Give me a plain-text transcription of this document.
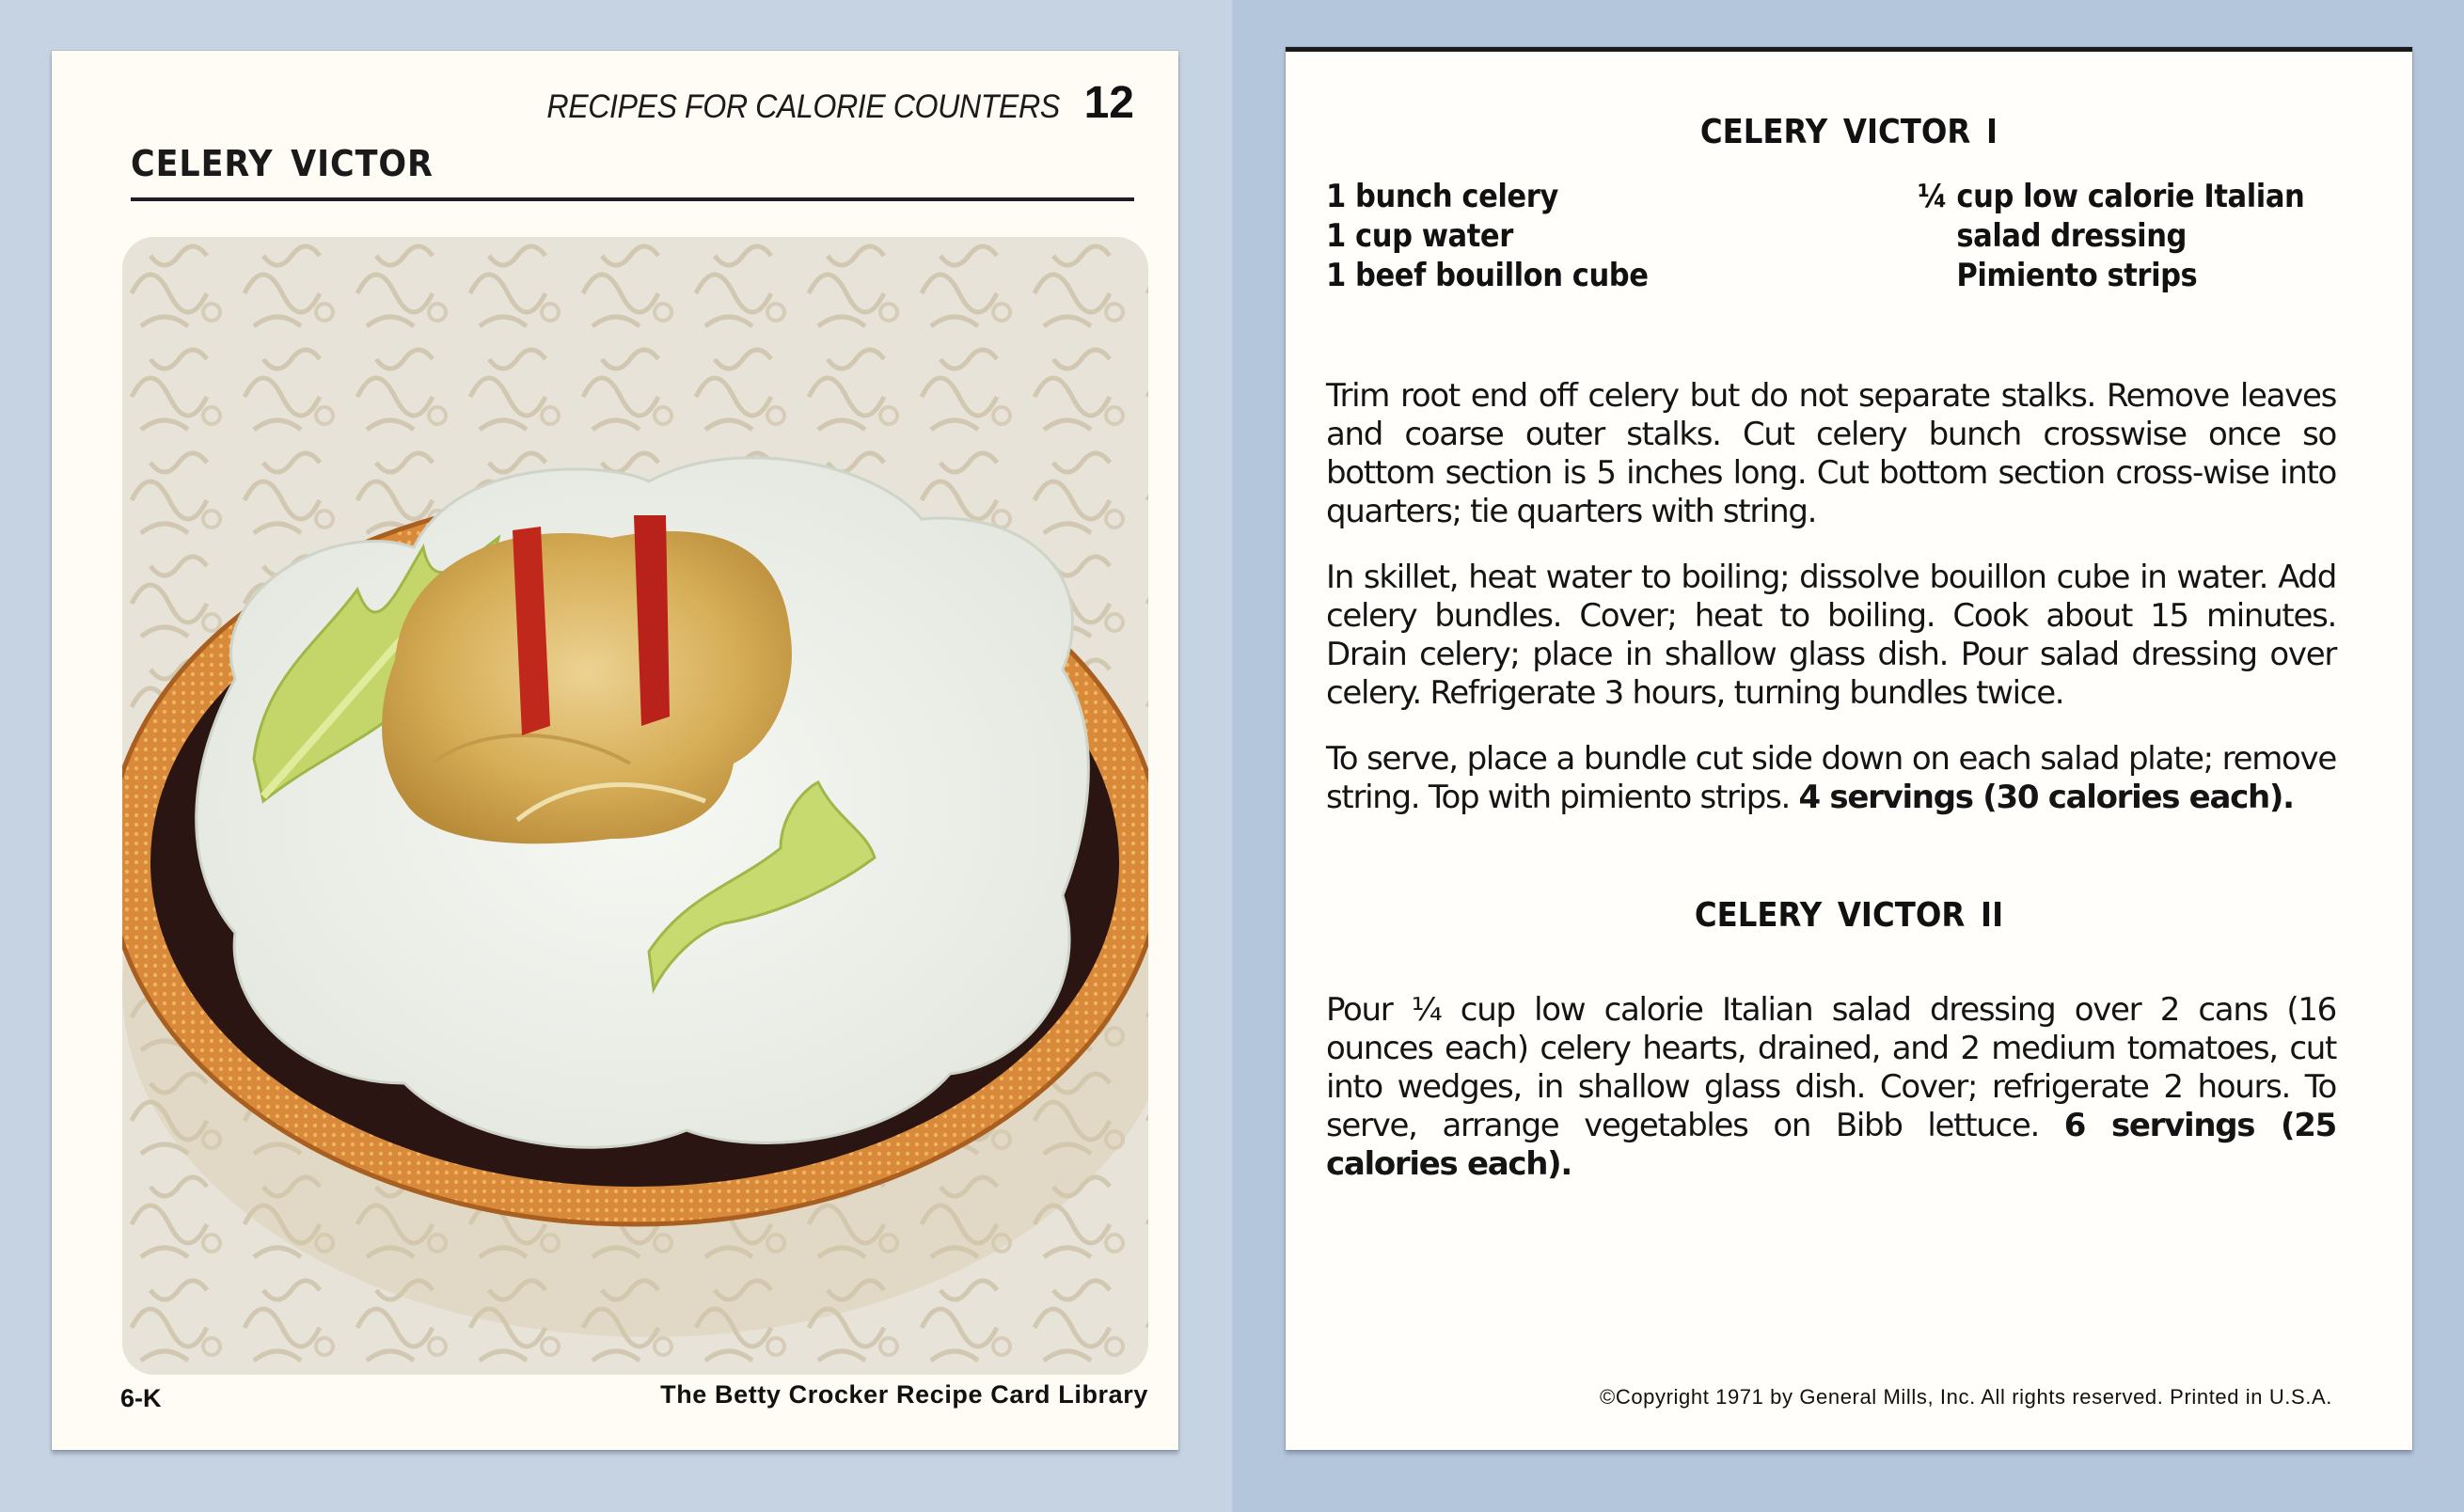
RECIPES FOR CALORIE COUNTERS 12
CELERY VICTOR
6-K	The Betty Crocker Recipe Card Library
CELERY VICTOR I
1 bunch celery
1 cup water
1 beef bouillon cube
¼ cup low calorie Italian
salad dressing
Pimiento strips

Trim root end off celery but do not separate stalks. Remove leaves and coarse outer stalks. Cut celery bunch crosswise once so bottom section is 5 inches long. Cut bottom section cross-wise into quarters; tie quarters with string.

In skillet, heat water to boiling; dissolve bouillon cube in water. Add celery bundles. Cover; heat to boiling. Cook about 15 minutes. Drain celery; place in shallow glass dish. Pour salad dressing over celery. Refrigerate 3 hours, turning bundles twice.

To serve, place a bundle cut side down on each salad plate; remove string. Top with pimiento strips. 4 servings (30 calories each).

CELERY VICTOR II

Pour ¼ cup low calorie Italian salad dressing over 2 cans (16 ounces each) celery hearts, drained, and 2 medium tomatoes, cut into wedges, in shallow glass dish. Cover; refrigerate 2 hours. To serve, arrange vegetables on Bibb lettuce. 6 servings (25 calories each).

©Copyright 1971 by General Mills, Inc. All rights reserved. Printed in U.S.A.
